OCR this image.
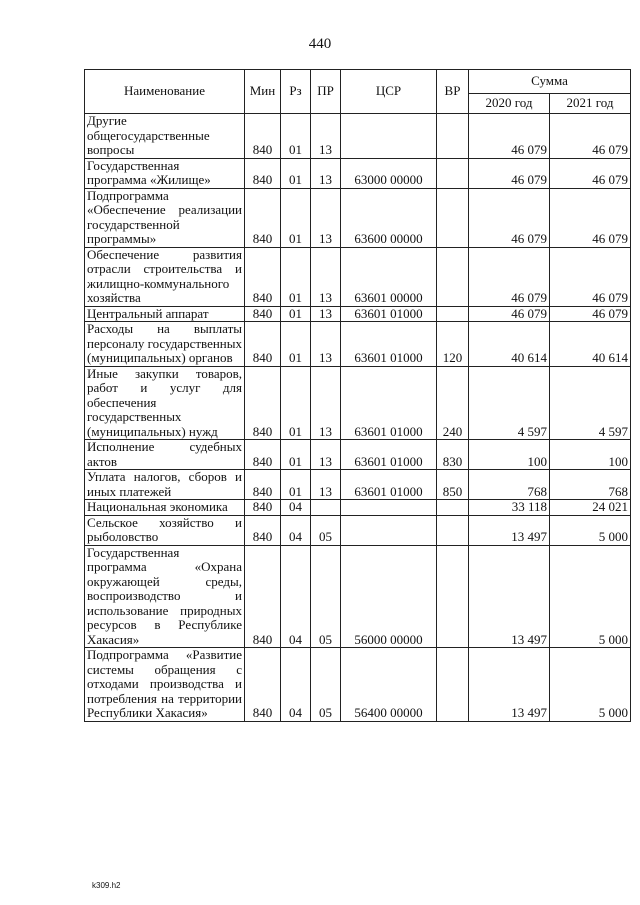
440
Наименование	Мин	Рз	ПР	ЦСР	ВР	Сумма	
						2020 год	2021 год
Другие общегосударственные вопросы	840	01	13			46 079	46 079
Государственная программа «Жилище»	840	01	13	63000 00000		46 079	46 079
Подпрограмма «Обеспечение реализации государственной программы»	840	01	13	63600 00000		46 079	46 079
Обеспечение развития отрасли строительства и жилищно-коммунального хозяйства	840	01	13	63601 00000		46 079	46 079
Центральный аппарат	840	01	13	63601 01000		46 079	46 079
Расходы на выплаты персоналу государственных (муниципальных) органов	840	01	13	63601 01000	120	40 614	40 614
Иные закупки товаров, работ и услуг для обеспечения государственных (муниципальных) нужд	840	01	13	63601 01000	240	4 597	4 597
Исполнение судебных актов	840	01	13	63601 01000	830	100	100
Уплата налогов, сборов и иных платежей	840	01	13	63601 01000	850	768	768
Национальная экономика	840	04				33 118	24 021
Сельское хозяйство и рыболовство	840	04	05			13 497	5 000
Государственная программа «Охрана окружающей среды, воспроизводство и использование природных ресурсов в Республике Хакасия»	840	04	05	56000 00000		13 497	5 000
Подпрограмма «Развитие системы обращения с отходами производства и потребления на территории Республики Хакасия»	840	04	05	56400 00000		13 497	5 000
k309.h2
